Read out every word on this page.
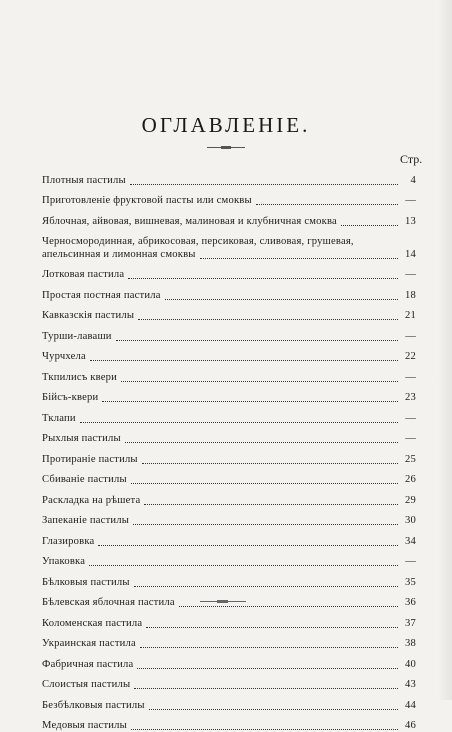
ОГЛАВЛЕНІЕ.
Стр.
Плотныя пастилы	4
Приготовленіе фруктовой пасты или смоквы	—
Яблочная, айвовая, вишневая, малиновая и клубничная смоква	13
Черносмородинная, абрикосовая, персиковая, сливовая, грушевая,
апельсинная и лимонная смоквы	14
Лотковая пастила	—
Простая постная пастила	18
Кавказскія пастилы	21
Турши-лаваши	—
Чурчхела	22
Ткпилисъ квери	—
Бійсъ-квери	23
Тклапи	—
Рыхлыя пастилы	—
Протираніе пастилы	25
Сбиваніе пастилы	26
Раскладка на рѣшета	29
Запеканіе пастилы	30
Глазировка	34
Упаковка	—
Бѣлковыя пастилы	35
Бѣлевская яблочная пастила	36
Коломенская пастила	37
Украинская пастила	38
Фабричная пастила	40
Слоистыя пастилы	43
Безбѣлковыя пастилы	44
Медовыя пастилы	46
